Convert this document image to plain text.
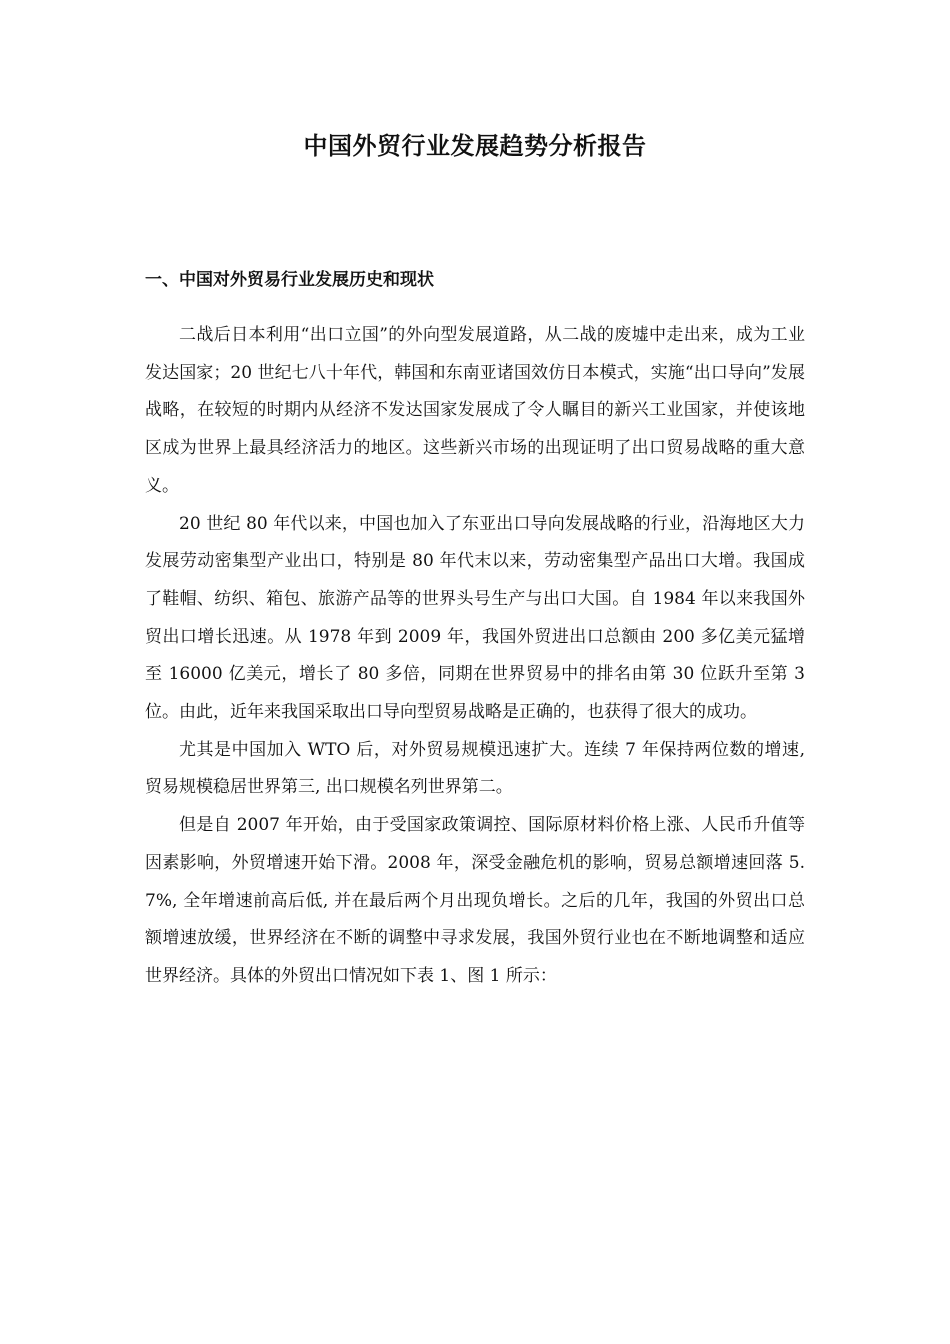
中国外贸行业发展趋势分析报告
一、中国对外贸易行业发展历史和现状

二战后日本利用“出口立国”的外向型发展道路，从二战的废墟中走出来，成为工业发达国家；20 世纪七八十年代，韩国和东南亚诸国效仿日本模式，实施“出口导向”发展战略，在较短的时期内从经济不发达国家发展成了令人瞩目的新兴工业国家，并使该地区成为世界上最具经济活力的地区。这些新兴市场的出现证明了出口贸易战略的重大意义。

20 世纪 80 年代以来，中国也加入了东亚出口导向发展战略的行业，沿海地区大力发展劳动密集型产业出口，特别是 80 年代末以来，劳动密集型产品出口大增。我国成了鞋帽、纺织、箱包、旅游产品等的世界头号生产与出口大国。自 1984 年以来我国外贸出口增长迅速。从 1978 年到 2009 年，我国外贸进出口总额由 200 多亿美元猛增至 16000 亿美元，增长了 80 多倍，同期在世界贸易中的排名由第 30 位跃升至第 3 位。由此，近年来我国采取出口导向型贸易战略是正确的，也获得了很大的成功。

尤其是中国加入 WTO 后，对外贸易规模迅速扩大。连续 7 年保持两位数的增速, 贸易规模稳居世界第三, 出口规模名列世界第二。

但是自 2007 年开始，由于受国家政策调控、国际原材料价格上涨、人民币升值等因素影响，外贸增速开始下滑。2008 年，深受金融危机的影响，贸易总额增速回落 5. 7%, 全年增速前高后低, 并在最后两个月出现负增长。之后的几年，我国的外贸出口总额增速放缓，世界经济在不断的调整中寻求发展，我国外贸行业也在不断地调整和适应世界经济。具体的外贸出口情况如下表 1、图 1 所示：
